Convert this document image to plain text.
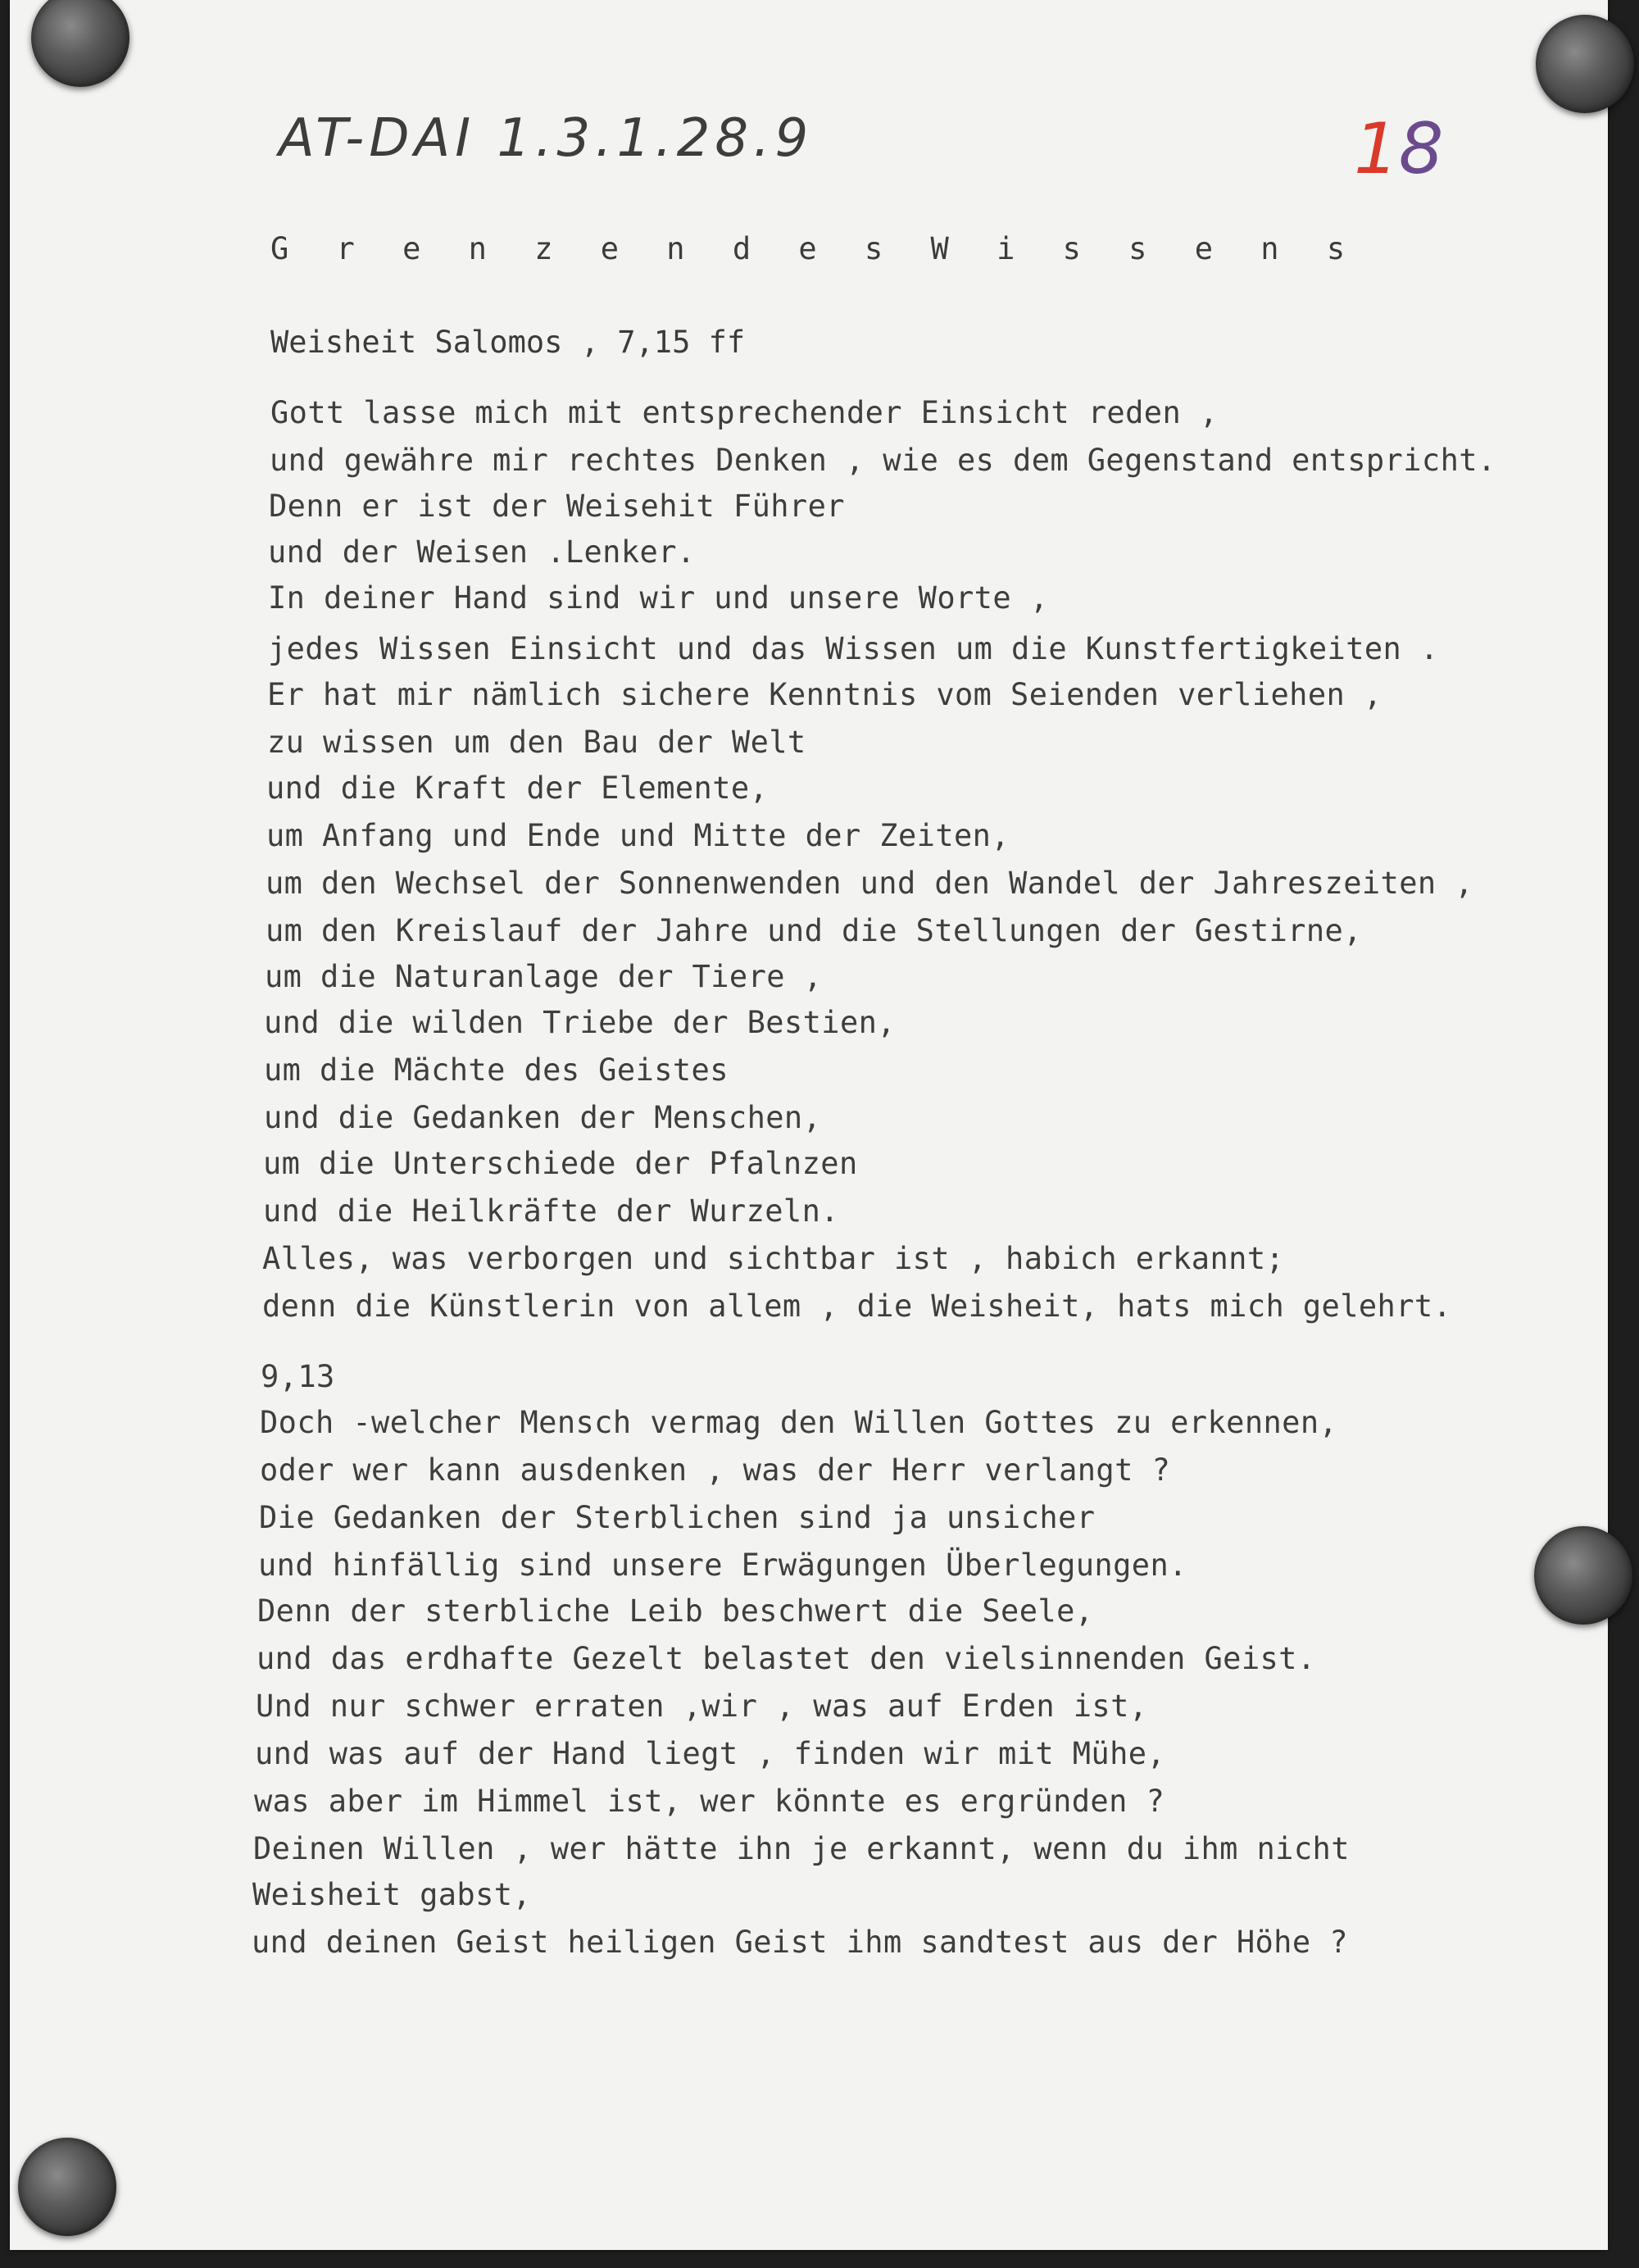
AT-DAI 1.3.1.28.9	18
G r e n z e n d e s W i s s e n s
Weisheit Salomos , 7,15 ff
Gott lasse mich mit entsprechender Einsicht reden ,
und gewähre mir rechtes Denken , wie es dem Gegenstand entspricht.
Denn er ist der Weisehit Führer
und der Weisen .Lenker.
In deiner Hand sind wir und unsere Worte ,
jedes Wissen Einsicht und das Wissen um die Kunstfertigkeiten .
Er hat mir nämlich sichere Kenntnis vom Seienden verliehen ,
zu wissen um den Bau der Welt
und die Kraft der Elemente,
um Anfang und Ende und Mitte der Zeiten,
um den Wechsel der Sonnenwenden und den Wandel der Jahreszeiten ,
um den Kreislauf der Jahre und die Stellungen der Gestirne,
um die Naturanlage der Tiere ,
und die wilden Triebe der Bestien,
um die Mächte des Geistes
und die Gedanken der Menschen,
um die Unterschiede der Pfalnzen
und die Heilkräfte der Wurzeln.
Alles, was verborgen und sichtbar ist , habich erkannt;
denn die Künstlerin von allem , die Weisheit, hats mich gelehrt.
9,13
Doch -welcher Mensch vermag den Willen Gottes zu erkennen,
oder wer kann ausdenken , was der Herr verlangt ?
Die Gedanken der Sterblichen sind ja unsicher
und hinfällig sind unsere Erwägungen Überlegungen.
Denn der sterbliche Leib beschwert die Seele,
und das erdhafte Gezelt belastet den vielsinnenden Geist.
Und nur schwer erraten ,wir , was auf Erden ist,
und was auf der Hand liegt , finden wir mit Mühe,
was aber im Himmel ist, wer könnte es ergründen ?
Deinen Willen , wer hätte ihn je erkannt, wenn du ihm nicht
Weisheit gabst,
und deinen Geist heiligen Geist ihm sandtest aus der Höhe ?
